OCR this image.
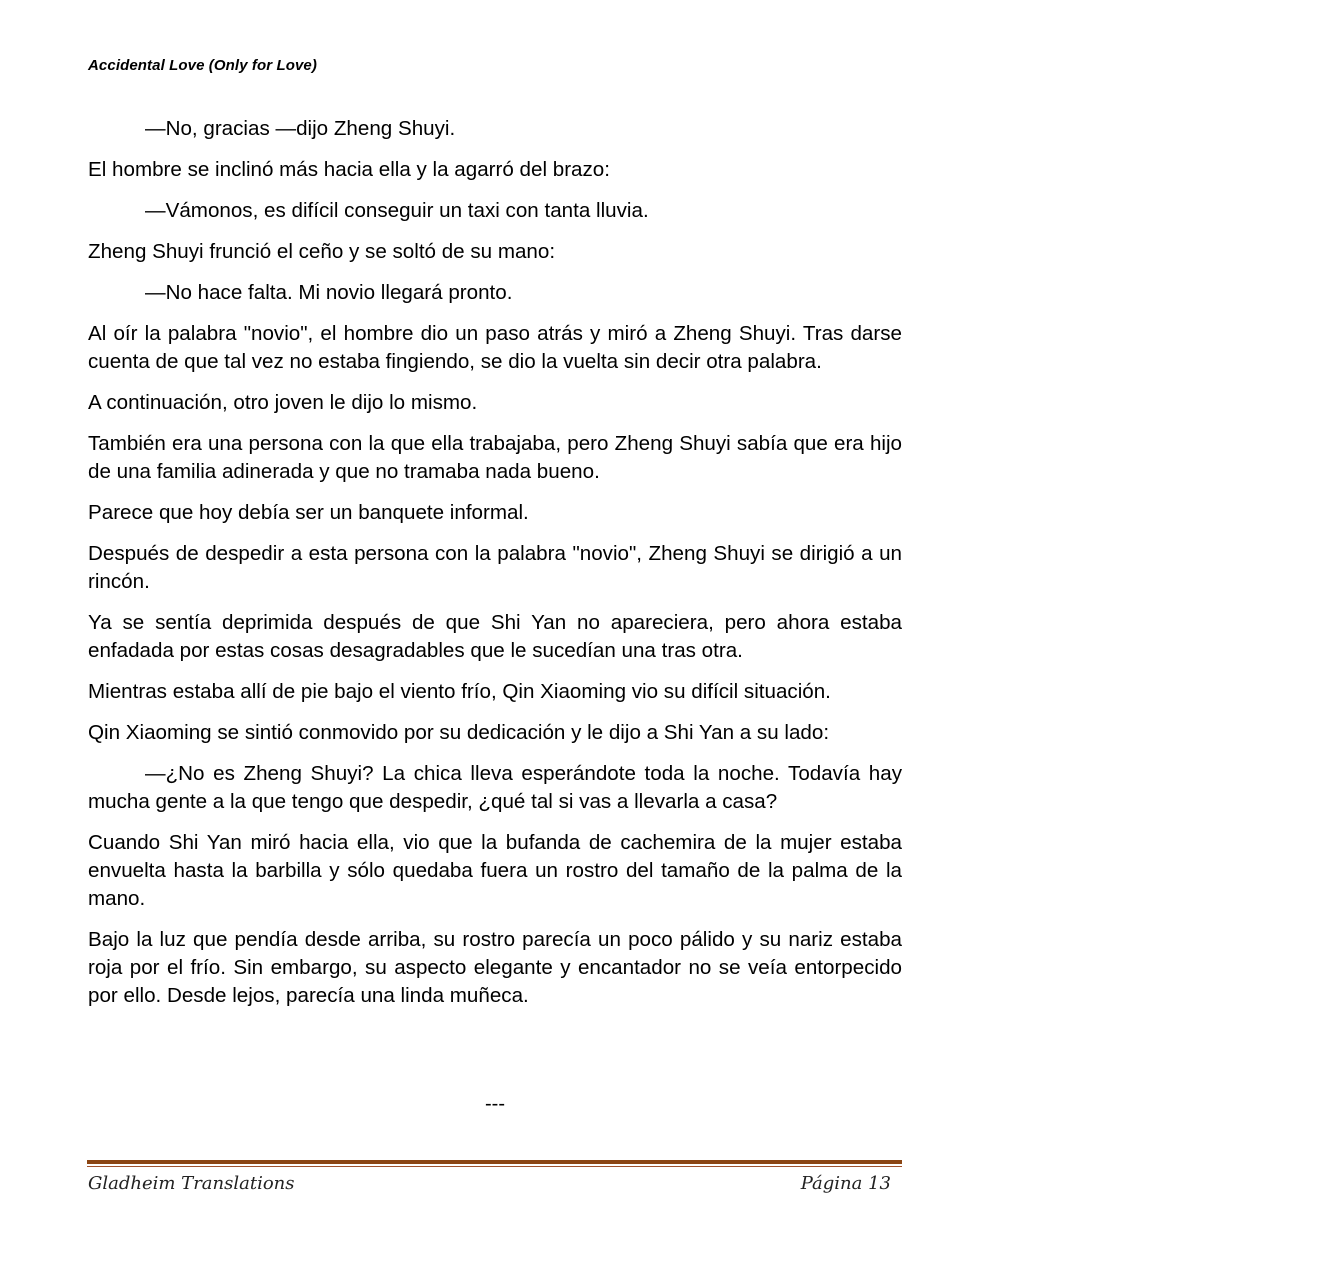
Accidental Love (Only for Love)

—No, gracias —dijo Zheng Shuyi.

El hombre se inclinó más hacia ella y la agarró del brazo:

—Vámonos, es difícil conseguir un taxi con tanta lluvia.

Zheng Shuyi frunció el ceño y se soltó de su mano:

—No hace falta. Mi novio llegará pronto.

Al oír la palabra "novio", el hombre dio un paso atrás y miró a Zheng Shuyi. Tras darse cuenta de que tal vez no estaba fingiendo, se dio la vuelta sin decir otra palabra.

A continuación, otro joven le dijo lo mismo.

También era una persona con la que ella trabajaba, pero Zheng Shuyi sabía que era hijo de una familia adinerada y que no tramaba nada bueno.

Parece que hoy debía ser un banquete informal.

Después de despedir a esta persona con la palabra "novio", Zheng Shuyi se dirigió a un rincón.

Ya se sentía deprimida después de que Shi Yan no apareciera, pero ahora estaba enfadada por estas cosas desagradables que le sucedían una tras otra.

Mientras estaba allí de pie bajo el viento frío, Qin Xiaoming vio su difícil situación.

Qin Xiaoming se sintió conmovido por su dedicación y le dijo a Shi Yan a su lado:

—¿No es Zheng Shuyi? La chica lleva esperándote toda la noche. Todavía hay mucha gente a la que tengo que despedir, ¿qué tal si vas a llevarla a casa?

Cuando Shi Yan miró hacia ella, vio que la bufanda de cachemira de la mujer estaba envuelta hasta la barbilla y sólo quedaba fuera un rostro del tamaño de la palma de la mano.

Bajo la luz que pendía desde arriba, su rostro parecía un poco pálido y su nariz estaba roja por el frío. Sin embargo, su aspecto elegante y encantador no se veía entorpecido por ello. Desde lejos, parecía una linda muñeca.

---

Gladheim Translations	Página 13
